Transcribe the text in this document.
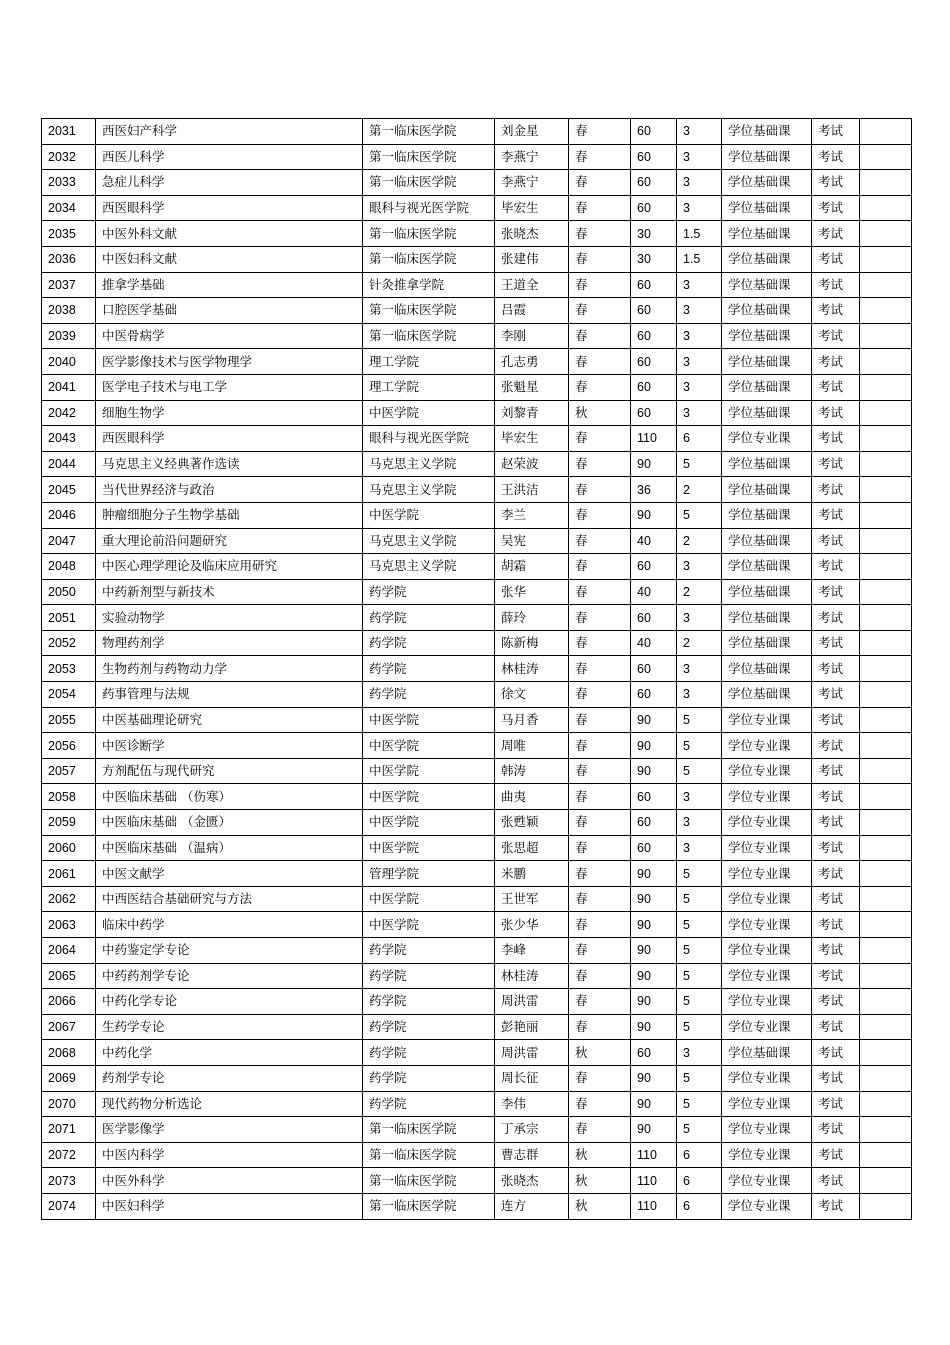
2031	西医妇产科学	第一临床医学院	刘金星	春	60	3	学位基础课	考试	
2032	西医儿科学	第一临床医学院	李燕宁	春	60	3	学位基础课	考试	
2033	急症儿科学	第一临床医学院	李燕宁	春	60	3	学位基础课	考试	
2034	西医眼科学	眼科与视光医学院	毕宏生	春	60	3	学位基础课	考试	
2035	中医外科文献	第一临床医学院	张晓杰	春	30	1.5	学位基础课	考试	
2036	中医妇科文献	第一临床医学院	张建伟	春	30	1.5	学位基础课	考试	
2037	推拿学基础	针灸推拿学院	王道全	春	60	3	学位基础课	考试	
2038	口腔医学基础	第一临床医学院	吕霞	春	60	3	学位基础课	考试	
2039	中医骨病学	第一临床医学院	李刚	春	60	3	学位基础课	考试	
2040	医学影像技术与医学物理学	理工学院	孔志勇	春	60	3	学位基础课	考试	
2041	医学电子技术与电工学	理工学院	张魁星	春	60	3	学位基础课	考试	
2042	细胞生物学	中医学院	刘黎青	秋	60	3	学位基础课	考试	
2043	西医眼科学	眼科与视光医学院	毕宏生	春	110	6	学位专业课	考试	
2044	马克思主义经典著作选读	马克思主义学院	赵荣波	春	90	5	学位基础课	考试	
2045	当代世界经济与政治	马克思主义学院	王洪洁	春	36	2	学位基础课	考试	
2046	肿瘤细胞分子生物学基础	中医学院	李兰	春	90	5	学位基础课	考试	
2047	重大理论前沿问题研究	马克思主义学院	吴宪	春	40	2	学位基础课	考试	
2048	中医心理学理论及临床应用研究	马克思主义学院	胡霜	春	60	3	学位基础课	考试	
2050	中药新剂型与新技术	药学院	张华	春	40	2	学位基础课	考试	
2051	实验动物学	药学院	薛玲	春	60	3	学位基础课	考试	
2052	物理药剂学	药学院	陈新梅	春	40	2	学位基础课	考试	
2053	生物药剂与药物动力学	药学院	林桂涛	春	60	3	学位基础课	考试	
2054	药事管理与法规	药学院	徐文	春	60	3	学位基础课	考试	
2055	中医基础理论研究	中医学院	马月香	春	90	5	学位专业课	考试	
2056	中医诊断学	中医学院	周唯	春	90	5	学位专业课	考试	
2057	方剂配伍与现代研究	中医学院	韩涛	春	90	5	学位专业课	考试	
2058	中医临床基础 （伤寒）	中医学院	曲夷	春	60	3	学位专业课	考试	
2059	中医临床基础 （金匮）	中医学院	张甦颖	春	60	3	学位专业课	考试	
2060	中医临床基础 （温病）	中医学院	张思超	春	60	3	学位专业课	考试	
2061	中医文献学	管理学院	米鹏	春	90	5	学位专业课	考试	
2062	中西医结合基础研究与方法	中医学院	王世军	春	90	5	学位专业课	考试	
2063	临床中药学	中医学院	张少华	春	90	5	学位专业课	考试	
2064	中药鉴定学专论	药学院	李峰	春	90	5	学位专业课	考试	
2065	中药药剂学专论	药学院	林桂涛	春	90	5	学位专业课	考试	
2066	中药化学专论	药学院	周洪雷	春	90	5	学位专业课	考试	
2067	生药学专论	药学院	彭艳丽	春	90	5	学位专业课	考试	
2068	中药化学	药学院	周洪雷	秋	60	3	学位基础课	考试	
2069	药剂学专论	药学院	周长征	春	90	5	学位专业课	考试	
2070	现代药物分析选论	药学院	李伟	春	90	5	学位专业课	考试	
2071	医学影像学	第一临床医学院	丁承宗	春	90	5	学位专业课	考试	
2072	中医内科学	第一临床医学院	曹志群	秋	110	6	学位专业课	考试	
2073	中医外科学	第一临床医学院	张晓杰	秋	110	6	学位专业课	考试	
2074	中医妇科学	第一临床医学院	连方	秋	110	6	学位专业课	考试	
